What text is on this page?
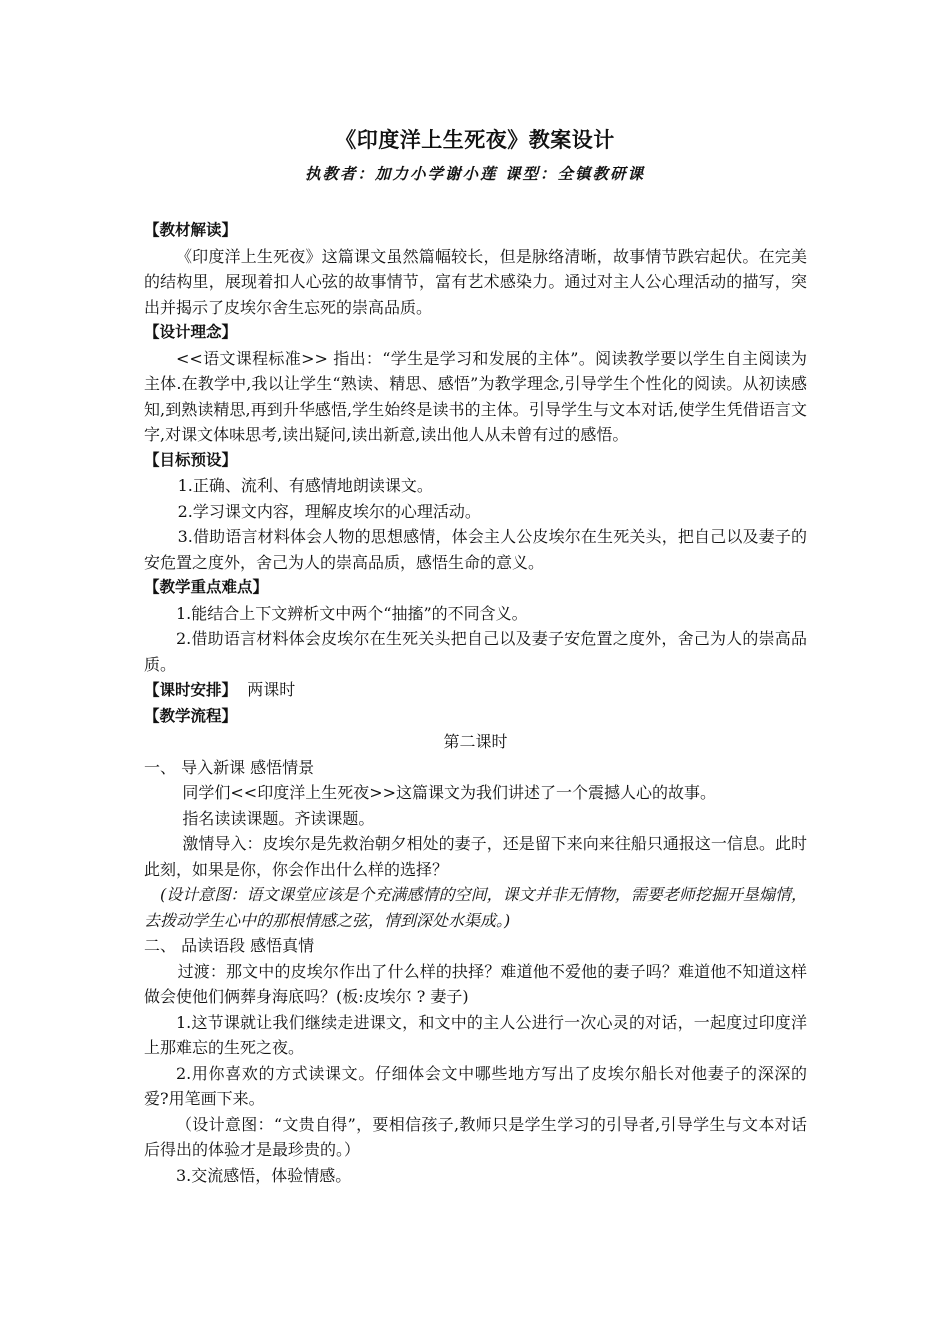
《印度洋上生死夜》教案设计
执教者：加力小学谢小莲 课型：全镇教研课

【教材解读】

《印度洋上生死夜》这篇课文虽然篇幅较长，但是脉络清晰，故事情节跌宕起伏。在完美的结构里，展现着扣人心弦的故事情节，富有艺术感染力。通过对主人公心理活动的描写，突出并揭示了皮埃尔舍生忘死的崇高品质。

【设计理念】

<<语文课程标准>> 指出：“学生是学习和发展的主体”。阅读教学要以学生自主阅读为主体.在教学中,我以让学生“熟读、精思、感悟”为教学理念,引导学生个性化的阅读。从初读感知,到熟读精思,再到升华感悟,学生始终是读书的主体。引导学生与文本对话,使学生凭借语言文字,对课文体味思考,读出疑问,读出新意,读出他人从未曾有过的感悟。

【目标预设】

1.正确、流利、有感情地朗读课文。

2.学习课文内容，理解皮埃尔的心理活动。

3.借助语言材料体会人物的思想感情，体会主人公皮埃尔在生死关头，把自己以及妻子的安危置之度外，舍己为人的崇高品质，感悟生命的意义。

【教学重点难点】

1.能结合上下文辨析文中两个“抽搐”的不同含义。

2.借助语言材料体会皮埃尔在生死关头把自己以及妻子安危置之度外，舍己为人的崇高品质。

【课时安排】 两课时

【教学流程】

第二课时

一、 导入新课 感悟情景

同学们<<印度洋上生死夜>>这篇课文为我们讲述了一个震撼人心的故事。

指名读读课题。齐读课题。

激情导入：皮埃尔是先救治朝夕相处的妻子，还是留下来向来往船只通报这一信息。此时此刻，如果是你，你会作出什么样的选择？

(设计意图：语文课堂应该是个充满感情的空间，课文并非无情物，需要老师挖掘开垦煽情，去拨动学生心中的那根情感之弦，情到深处水渠成。)

二、 品读语段 感悟真情

过渡：那文中的皮埃尔作出了什么样的抉择？难道他不爱他的妻子吗？难道他不知道这样做会使他们俩葬身海底吗？(板:皮埃尔 ? 妻子)

1.这节课就让我们继续走进课文，和文中的主人公进行一次心灵的对话，一起度过印度洋上那难忘的生死之夜。

2.用你喜欢的方式读课文。仔细体会文中哪些地方写出了皮埃尔船长对他妻子的深深的爱?用笔画下来。

（设计意图：“文贵自得”，要相信孩子,教师只是学生学习的引导者,引导学生与文本对话后得出的体验才是最珍贵的。）

3.交流感悟，体验情感。
